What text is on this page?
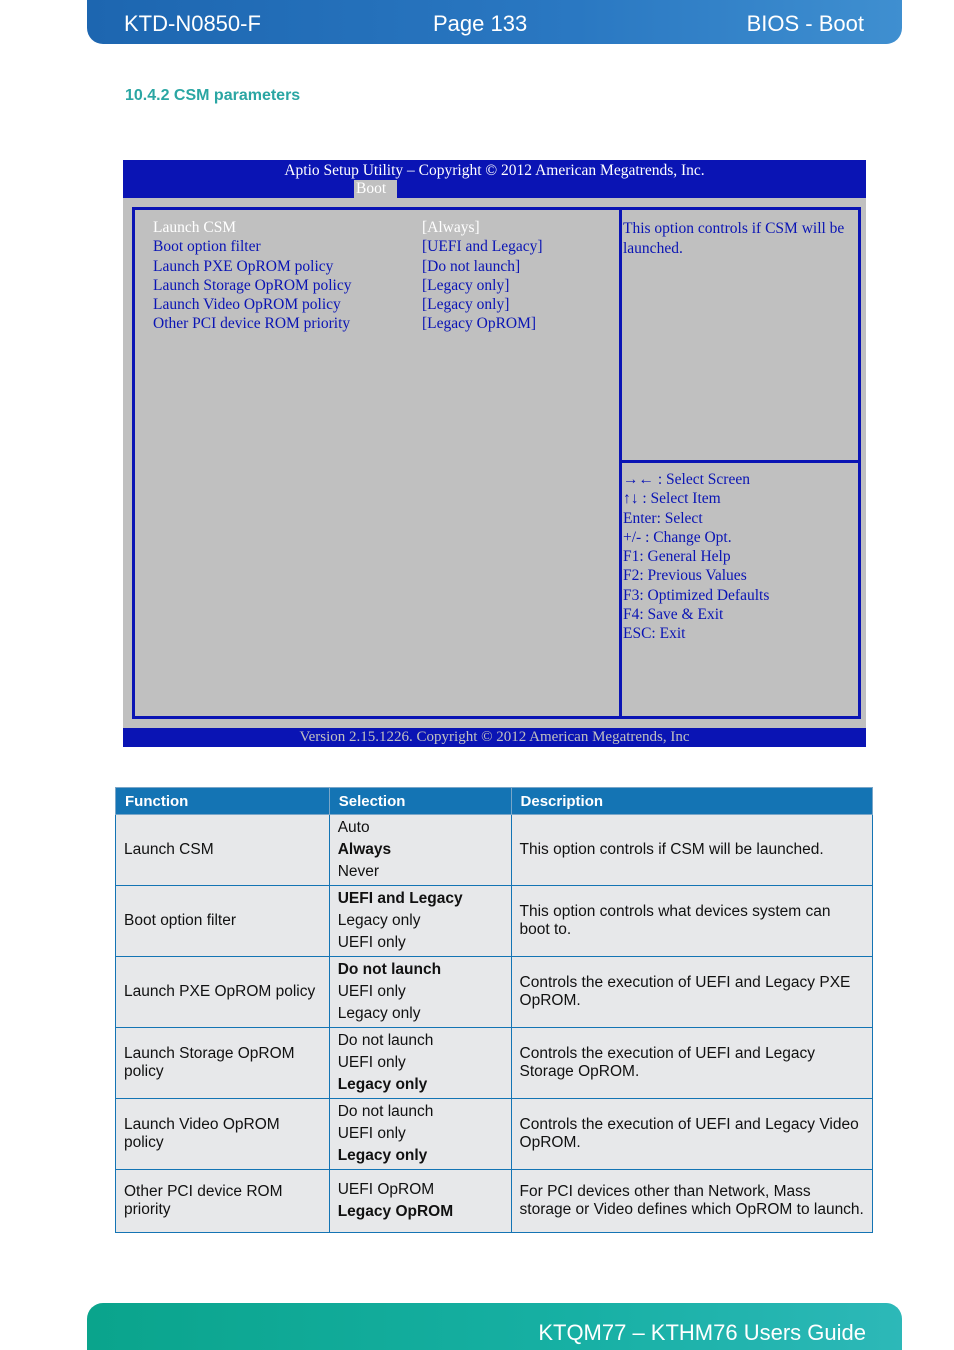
KTD-N0850-F	Page 133	BIOS - Boot
10.4.2 CSM parameters
Aptio Setup Utility – Copyright © 2012 American Megatrends, Inc.
Boot
Launch CSM	[Always]
Boot option filter	[UEFI and Legacy]
Launch PXE OpROM policy	[Do not launch]
Launch Storage OpROM policy	[Legacy only]
Launch Video OpROM policy	[Legacy only]
Other PCI device ROM priority	[Legacy OpROM]
This option controls if CSM will be launched.
→← : Select Screen
↑↓ : Select Item
Enter: Select
+/- : Change Opt.
F1: General Help
F2: Previous Values
F3: Optimized Defaults
F4: Save & Exit
ESC: Exit
Version 2.15.1226. Copyright © 2012 American Megatrends, Inc
Function	Selection	Description
Launch CSM	Auto
Always
Never	This option controls if CSM will be launched.
Boot option filter	UEFI and Legacy
Legacy only
UEFI only	This option controls what devices system can boot to.
Launch PXE OpROM policy	Do not launch
UEFI only
Legacy only	Controls the execution of UEFI and Legacy PXE OpROM.
Launch Storage OpROM policy	Do not launch
UEFI only
Legacy only	Controls the execution of UEFI and Legacy Storage OpROM.
Launch Video OpROM policy	Do not launch
UEFI only
Legacy only	Controls the execution of UEFI and Legacy Video OpROM.
Other PCI device ROM priority	UEFI OpROM
Legacy OpROM	For PCI devices other than Network, Mass storage or Video defines which OpROM to launch.
KTQM77 – KTHM76 Users Guide
